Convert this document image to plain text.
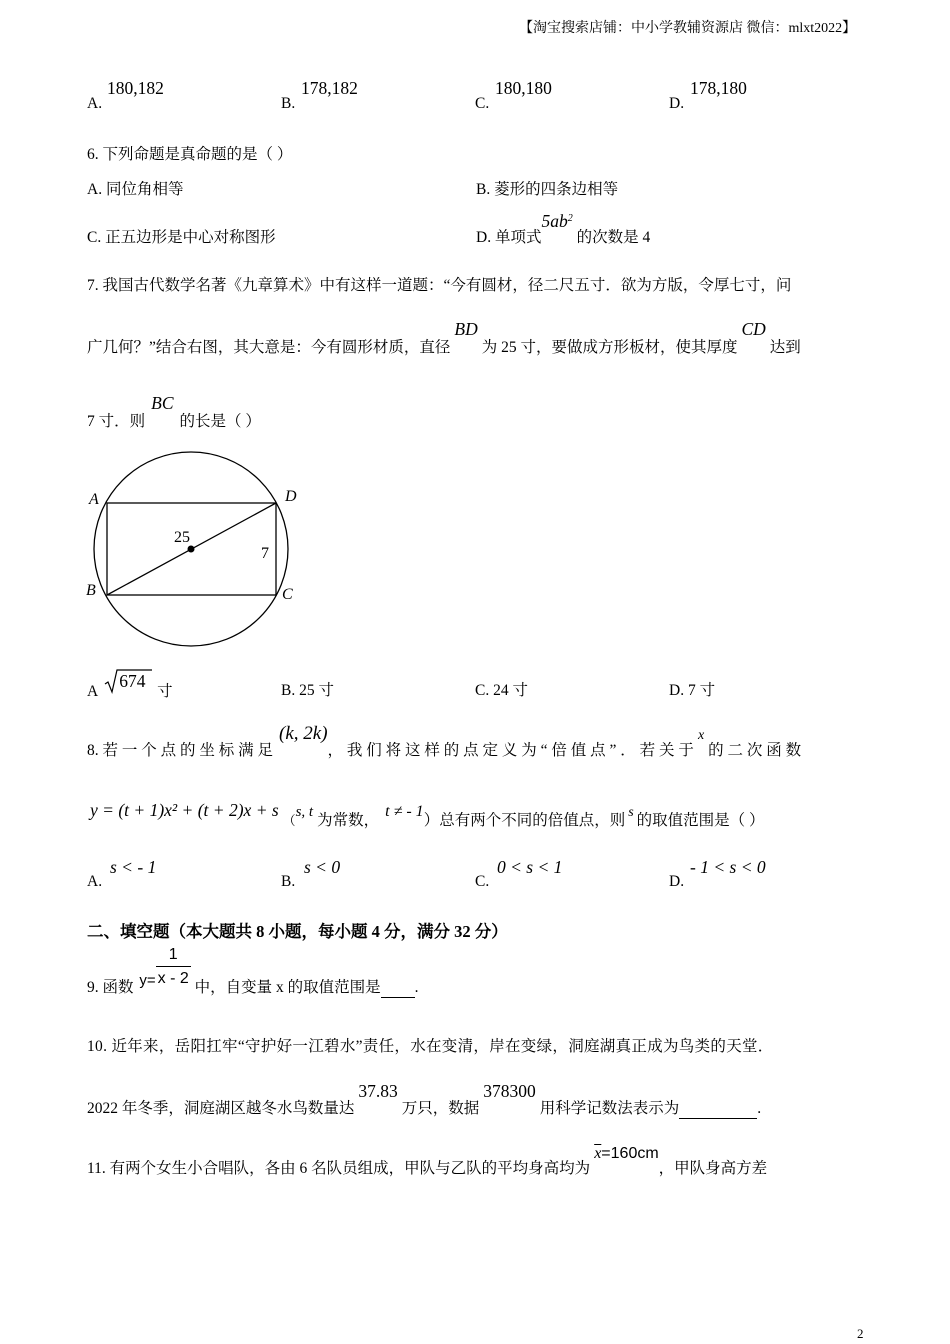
【淘宝搜索店铺：中小学教辅资源店 微信：mlxt2022】
A.
180,182
B.
178,182
C.
180,180
D.
178,180
6. 下列命题是真命题的是（ ）
A. 同位角相等	B. 菱形的四条边相等
C. 正五边形是中心对称图形	D. 单项式$5ab^2$ 的次数是 4
7. 我国古代数学名著《九章算术》中有这样一道题：“今有圆材，径二尺五寸．欲为方版，令厚七寸，问
广几何？”结合右图，其大意是：今有圆形材质，直径BD为 25 寸，要做成方形板材，使其厚度CD达到
7 寸．则BC的长是（ ）
A
B	C
D
25
7
A
674
寸	B. 25 寸	C. 24 寸	D. 7 寸
8. 若 一 个 点 的 坐 标 满 足(k, 2k)， 我 们 将 这 样 的 点 定 义 为 “ 倍 值 点 ” ． 若 关 于x的 二 次 函 数
y = (t + 1)x² + (t + 2)x + s $_($s, t 为常数，t ≠ - 1）总有两个不同的倍值点，则 s 的取值范围是（ ）
A.
s < - 1
B.
s < 0
C.
0 < s < 1
D.
- 1 < s < 0
二、填空题（本大题共 8 小题，每小题 4 分，满分 32 分）
9. 函数 $y= \frac{1}{x - 2}$ 中，自变量 x 的取值范围是 .
10. 近年来，岳阳扛牢“守护好一江碧水”责任，水在变清，岸在变绿，洞庭湖真正成为鸟类的天堂．
2022 年冬季，洞庭湖区越冬水鸟数量达37.83万只，数据378300用科学记数法表示为	.
11. 有两个女生小合唱队，各由 6 名队员组成，甲队与乙队的平均身高均为$\overline{x}=160cm$，甲队身高方差
2
